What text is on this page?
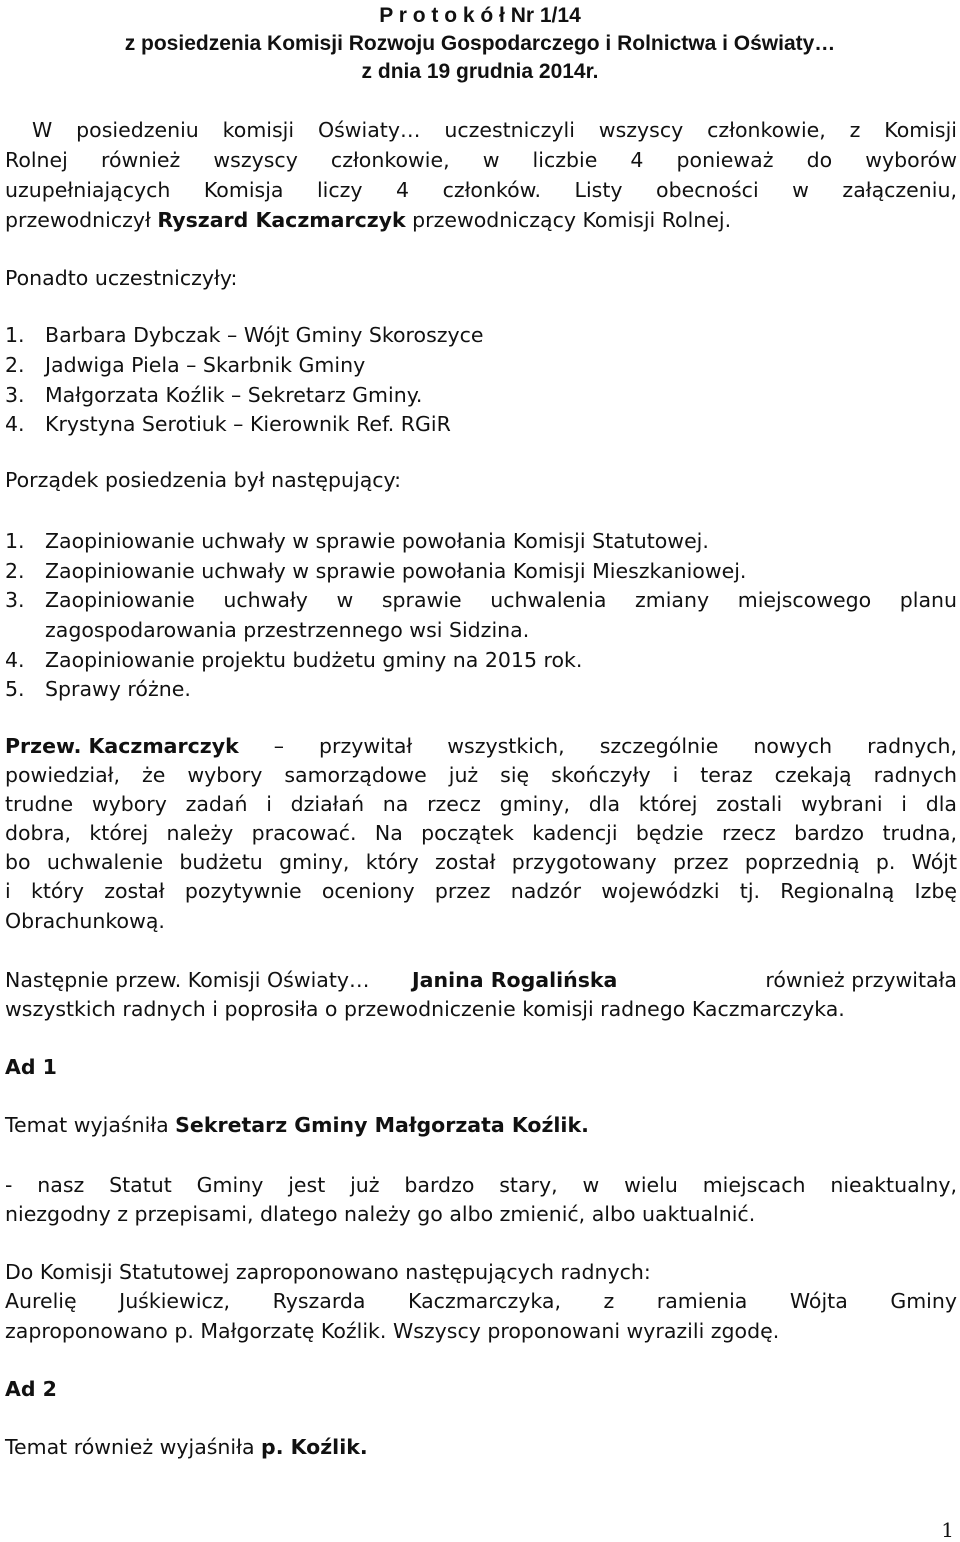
P r o t o k ó ł Nr 1/14
z posiedzenia Komisji Rozwoju Gospodarczego i Rolnictwa i Oświaty…
z dnia 19 grudnia 2014r.
W posiedzeniu komisji Oświaty… uczestniczyli wszyscy członkowie, z Komisji
Rolnej również wszyscy członkowie, w liczbie 4 ponieważ do wyborów
uzupełniających Komisja liczy 4 członków. Listy obecności w załączeniu,
przewodniczył Ryszard Kaczmarczyk przewodniczący Komisji Rolnej.
Ponadto uczestniczyły:
1. Barbara Dybczak – Wójt Gminy Skoroszyce
2. Jadwiga Piela – Skarbnik Gminy
3. Małgorzata Koźlik – Sekretarz Gminy.
4. Krystyna Serotiuk – Kierownik Ref. RGiR
Porządek posiedzenia był następujący:
1. Zaopiniowanie uchwały w sprawie powołania Komisji Statutowej.
2. Zaopiniowanie uchwały w sprawie powołania Komisji Mieszkaniowej.
3. Zaopiniowanie uchwały w sprawie uchwalenia zmiany miejscowego planu
zagospodarowania przestrzennego wsi Sidzina.
4. Zaopiniowanie projektu budżetu gminy na 2015 rok.
5. Sprawy różne.
Przew. Kaczmarczyk – przywitał wszystkich, szczególnie nowych radnych,
powiedział, że wybory samorządowe już się skończyły i teraz czekają radnych
trudne wybory zadań i działań na rzecz gminy, dla której zostali wybrani i dla
dobra, której należy pracować. Na początek kadencji będzie rzecz bardzo trudna,
bo uchwalenie budżetu gminy, który został przygotowany przez poprzednią p. Wójt
i który został pozytywnie oceniony przez nadzór wojewódzki tj. Regionalną Izbę
Obrachunkową.
Następnie przew. Komisji Oświaty… Janina Rogalińska	również przywitała
wszystkich radnych i poprosiła o przewodniczenie komisji radnego Kaczmarczyka.
Ad 1
Temat wyjaśniła Sekretarz Gminy Małgorzata Koźlik.
- nasz Statut Gminy jest już bardzo stary, w wielu miejscach nieaktualny,
niezgodny z przepisami, dlatego należy go albo zmienić, albo uaktualnić.
Do Komisji Statutowej zaproponowano następujących radnych:
Aurelię Juśkiewicz, Ryszarda Kaczmarczyka, z ramienia Wójta Gminy
zaproponowano p. Małgorzatę Koźlik. Wszyscy proponowani wyrazili zgodę.
Ad 2
Temat również wyjaśniła p. Koźlik.
1
